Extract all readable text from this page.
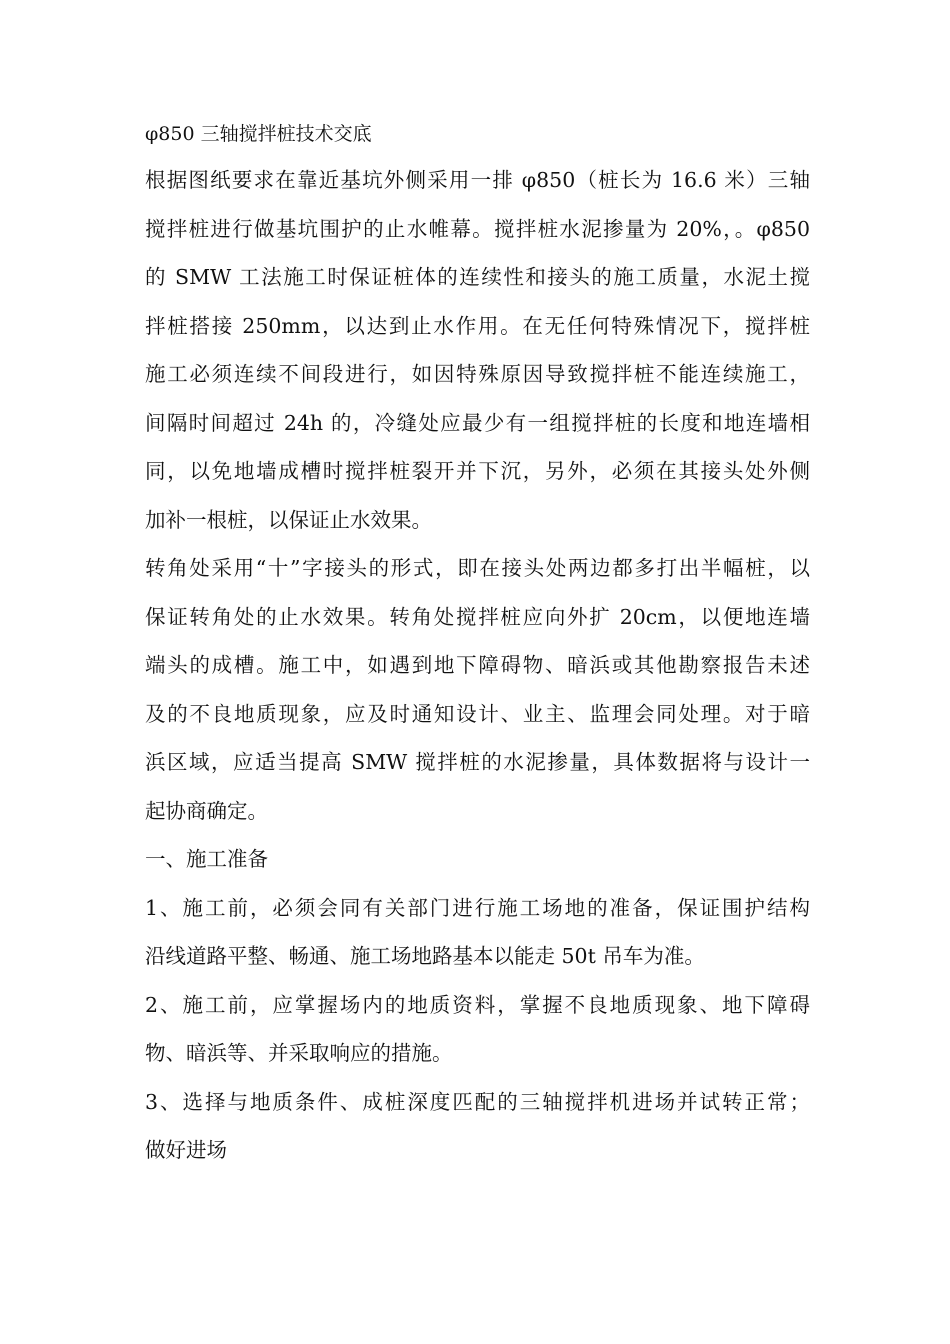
φ850 三轴搅拌桩技术交底
根据图纸要求在靠近基坑外侧采用一排 φ850（桩长为 16.6 米）三轴
搅拌桩进行做基坑围护的止水帷幕。搅拌桩水泥掺量为 20%，。φ850
的 SMW 工法施工时保证桩体的连续性和接头的施工质量，水泥土搅
拌桩搭接 250mm，以达到止水作用。在无任何特殊情况下，搅拌桩
施工必须连续不间段进行，如因特殊原因导致搅拌桩不能连续施工，
间隔时间超过 24h 的，冷缝处应最少有一组搅拌桩的长度和地连墙相
同，以免地墙成槽时搅拌桩裂开并下沉，另外，必须在其接头处外侧
加补一根桩，以保证止水效果。
转角处采用“十”字接头的形式，即在接头处两边都多打出半幅桩，以
保证转角处的止水效果。转角处搅拌桩应向外扩 20cm，以便地连墙
端头的成槽。施工中，如遇到地下障碍物、暗浜或其他勘察报告未述
及的不良地质现象，应及时通知设计、业主、监理会同处理。对于暗
浜区域，应适当提高 SMW 搅拌桩的水泥掺量，具体数据将与设计一
起协商确定。
一、施工准备
1、施工前，必须会同有关部门进行施工场地的准备，保证围护结构
沿线道路平整、畅通、施工场地路基本以能走 50t 吊车为准。
2、施工前，应掌握场内的地质资料，掌握不良地质现象、地下障碍
物、暗浜等、并采取响应的措施。
3、选择与地质条件、成桩深度匹配的三轴搅拌机进场并试转正常；
做好进场
